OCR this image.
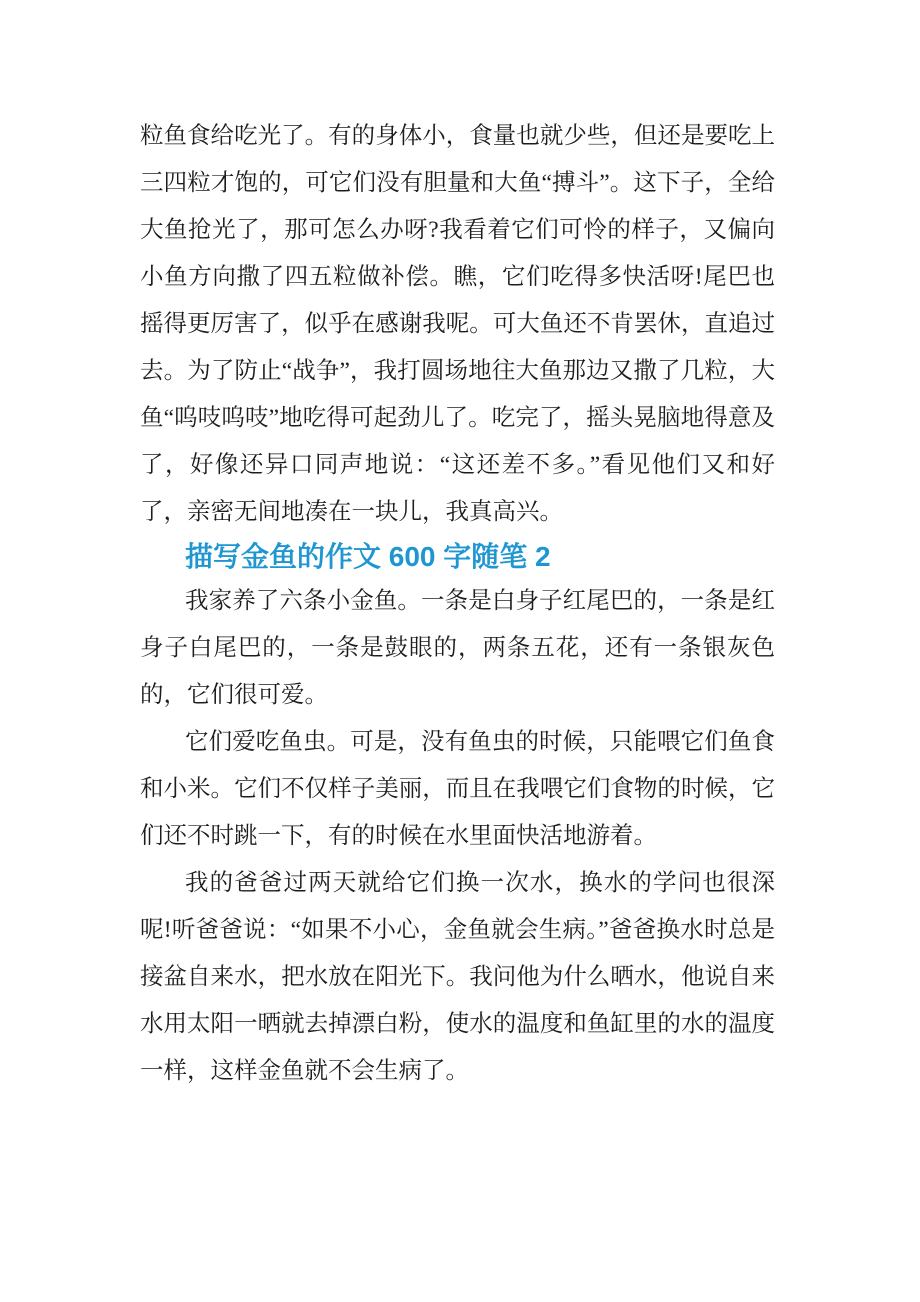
粒鱼食给吃光了。有的身体小，食量也就少些，但还是要吃上三四粒才饱的，可它们没有胆量和大鱼“搏斗”。这下子，全给大鱼抢光了，那可怎么办呀?我看着它们可怜的样子，又偏向小鱼方向撒了四五粒做补偿。瞧，它们吃得多快活呀!尾巴也摇得更厉害了，似乎在感谢我呢。可大鱼还不肯罢休，直追过去。为了防止“战争”，我打圆场地往大鱼那边又撒了几粒，大鱼“呜吱呜吱”地吃得可起劲儿了。吃完了，摇头晃脑地得意及了，好像还异口同声地说：“这还差不多。”看见他们又和好了，亲密无间地凑在一块儿，我真高兴。

描写金鱼的作文 600 字随笔 2

我家养了六条小金鱼。一条是白身子红尾巴的，一条是红身子白尾巴的，一条是鼓眼的，两条五花，还有一条银灰色的，它们很可爱。

它们爱吃鱼虫。可是，没有鱼虫的时候，只能喂它们鱼食和小米。它们不仅样子美丽，而且在我喂它们食物的时候，它们还不时跳一下，有的时候在水里面快活地游着。

我的爸爸过两天就给它们换一次水，换水的学问也很深呢!听爸爸说：“如果不小心，金鱼就会生病。”爸爸换水时总是接盆自来水，把水放在阳光下。我问他为什么晒水，他说自来水用太阳一晒就去掉漂白粉，使水的温度和鱼缸里的水的温度一样，这样金鱼就不会生病了。
